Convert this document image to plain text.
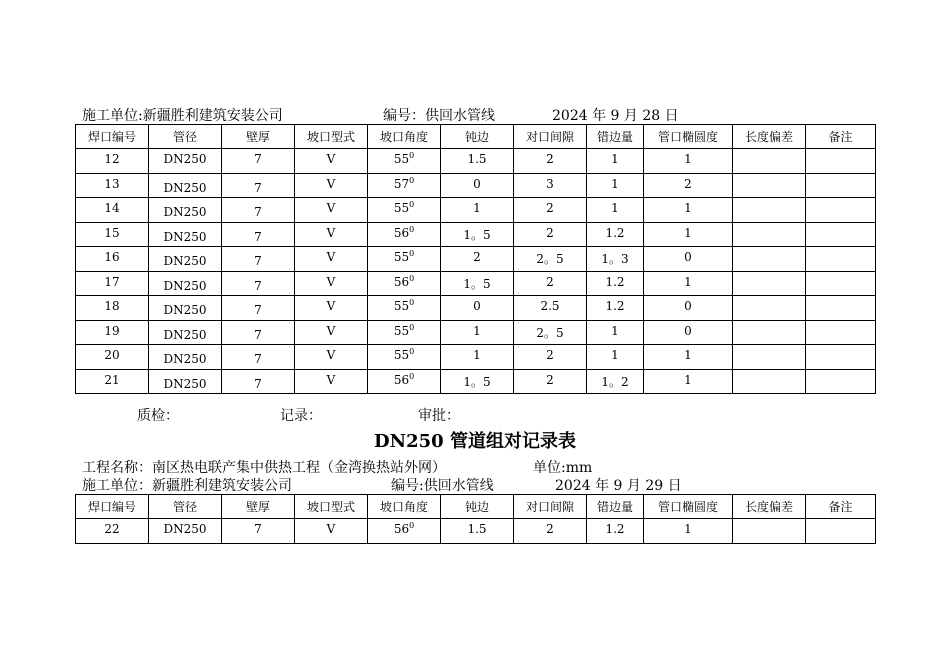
施工单位:新疆胜利建筑安装公司	编号：供回水管线	2024 年 9 月 28 日
焊口编号	管径	壁厚	坡口型式	坡口角度	钝边	对口间隙	错边量	管口椭圆度	长度偏差	备注
12	DN250	7	V	$55^0$	1.5	2	1	1		
13	DN250	7	V	$57^0$	0	3	1	2		
14	DN250	7	V	$55^0$	1	2	1	1		
15	DN250	7	V	$56^0$	1。5	2	1.2	1		
16	DN250	7	V	$55^0$	2	2。5	1。3	0		
17	DN250	7	V	$56^0$	1。5	2	1.2	1		
18	DN250	7	V	$55^0$	0	2.5	1.2	0		
19	DN250	7	V	$55^0$	1	2。5	1	0		
20	DN250	7	V	$55^0$	1	2	1	1		
21	DN250	7	V	$56^0$	1。5	2	1。2	1		
质检：	记录：	审批：
DN250 管道组对记录表
工程名称：南区热电联产集中供热工程（金湾换热站外网）	单位:mm
施工单位：新疆胜利建筑安装公司	编号:供回水管线	2024 年 9 月 29 日
焊口编号	管径	壁厚	坡口型式	坡口角度	钝边	对口间隙	错边量	管口椭圆度	长度偏差	备注
22	DN250	7	V	$56^0$	1.5	2	1.2	1		
